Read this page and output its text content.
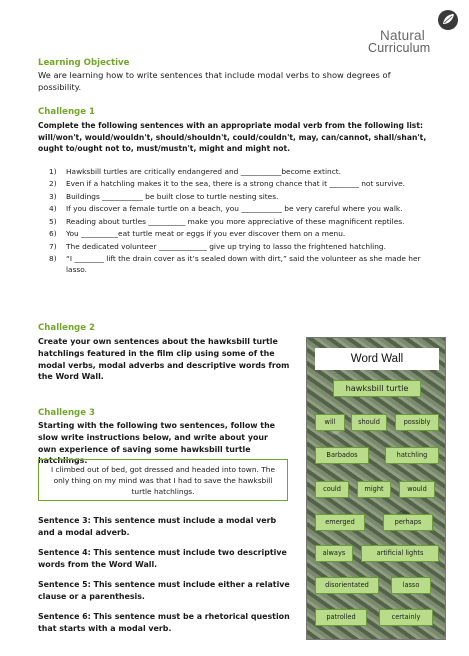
Natural
Curriculum
Learning Objective
We are learning how to write sentences that include modal verbs to show degrees of possibility.
Challenge 1
Complete the following sentences with an appropriate modal verb from the following list:
will/won't, would/wouldn't, should/shouldn't, could/couldn't, may, can/cannot, shall/shan't,
ought to/ought not to, must/mustn't, might and might not.
1) Hawksbill turtles are critically endangered and ___________become extinct.
2) Even if a hatchling makes it to the sea, there is a strong chance that it ________ not survive.
3) Buildings ___________ be built close to turtle nesting sites.
4) If you discover a female turtle on a beach, you ___________ be very careful where you walk.
5) Reading about turtles __________ make you more appreciative of these magnificent reptiles.
6) You __________eat turtle meat or eggs if you ever discover them on a menu.
7) The dedicated volunteer _____________ give up trying to lasso the frightened hatchling.
8) “I ________ lift the drain cover as it’s sealed down with dirt,” said the volunteer as she made her lasso.
Challenge 2
Create your own sentences about the hawksbill turtle hatchlings featured in the film clip using some of the modal verbs, modal adverbs and descriptive words from the Word Wall.
Challenge 3
Starting with the following two sentences, follow the slow write instructions below, and write about your own experience of saving some hawksbill turtle hatchlings.
I climbed out of bed, got dressed and headed into town. The only thing on my mind was that I had to save the hawksbill turtle hatchlings.
Sentence 3: This sentence must include a modal verb and a modal adverb.
Sentence 4: This sentence must include two descriptive words from the Word Wall.
Sentence 5: This sentence must include either a relative clause or a parenthesis.
Sentence 6: This sentence must be a rhetorical question that starts with a modal verb.
Word Wall
hawksbill turtle
will	should	possibly
Barbados	hatchling
could	might	would
emerged	perhaps
always	artificial lights
disorientated	lasso
patrolled	certainly
